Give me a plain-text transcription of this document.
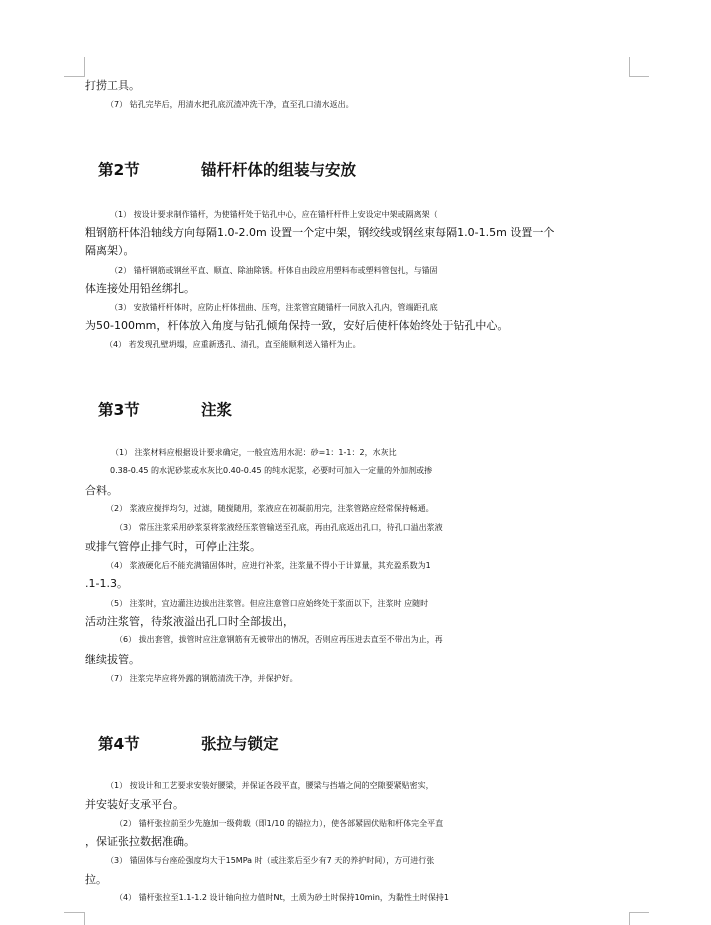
打捞工具。

（7） 钻孔完毕后，用清水把孔底沉渣冲洗干净，直至孔口清水返出。

第2节	锚杆杆体的组装与安放

（1） 按设计要求制作锚杆，为使锚杆处于钻孔中心，应在锚杆杆件上安设定中架或隔离架（

粗钢筋杆体沿轴线方向每隔1.0-2.0m 设置一个定中架，钢绞线或钢丝束每隔1.0-1.5m 设置一个

隔离架）。

（2） 锚杆钢筋或钢丝平直、顺直、除油除锈。杆体自由段应用塑料布或塑料管包扎，与锚固

体连接处用铅丝绑扎。

（3） 安放锚杆杆体时，应防止杆体扭曲、压弯，注浆管宜随锚杆一同放入孔内，管端距孔底

为50-100mm，杆体放入角度与钻孔倾角保持一致，安好后使杆体始终处于钻孔中心。

（4） 若发现孔壁坍塌，应重新透孔、清孔，直至能顺利送入锚杆为止。

第3节	注浆

（1） 注浆材料应根据设计要求确定，一般宜选用水泥：砂=1：1-1：2，水灰比

0.38-0.45 的水泥砂浆或水灰比0.40-0.45 的纯水泥浆，必要时可加入一定量的外加剂或掺

合料。

（2） 浆液应搅拌均匀，过滤，随搅随用，浆液应在初凝前用完，注浆管路应经常保持畅通。

（3） 常压注浆采用砂浆泵将浆液经压浆管输送至孔底，再由孔底返出孔口，待孔口溢出浆液

或排气管停止排气时，可停止注浆。

（4） 浆液硬化后不能充满锚固体时，应进行补浆，注浆量不得小于计算量，其充盈系数为1

.1-1.3。

（5） 注浆时，宜边灌注边拔出注浆管。但应注意管口应始终处于浆面以下，注浆时 应随时

活动注浆管，待浆液溢出孔口时全部拔出，

（6） 拔出套管，拔管时应注意钢筋有无被带出的情况，否则应再压进去直至不带出为止，再

继续拔管。

（7） 注浆完毕应将外露的钢筋清洗干净，并保护好。

第4节	张拉与锁定

（1） 按设计和工艺要求安装好腰梁，并保证各段平直，腰梁与挡墙之间的空隙要紧贴密实，

并安装好支承平台。

（2） 锚杆张拉前至少先施加一级荷载（即1/10 的锚拉力），使各部紧固伏贴和杆体完全平直

，保证张拉数据准确。

（3） 锚固体与台座砼强度均大于15MPa 时（或注浆后至少有7 天的养护时间），方可进行张

拉。

（4） 锚杆张拉至1.1-1.2 设计轴向拉力值时Nt，土质为砂土时保持10min，为黏性土时保持1
